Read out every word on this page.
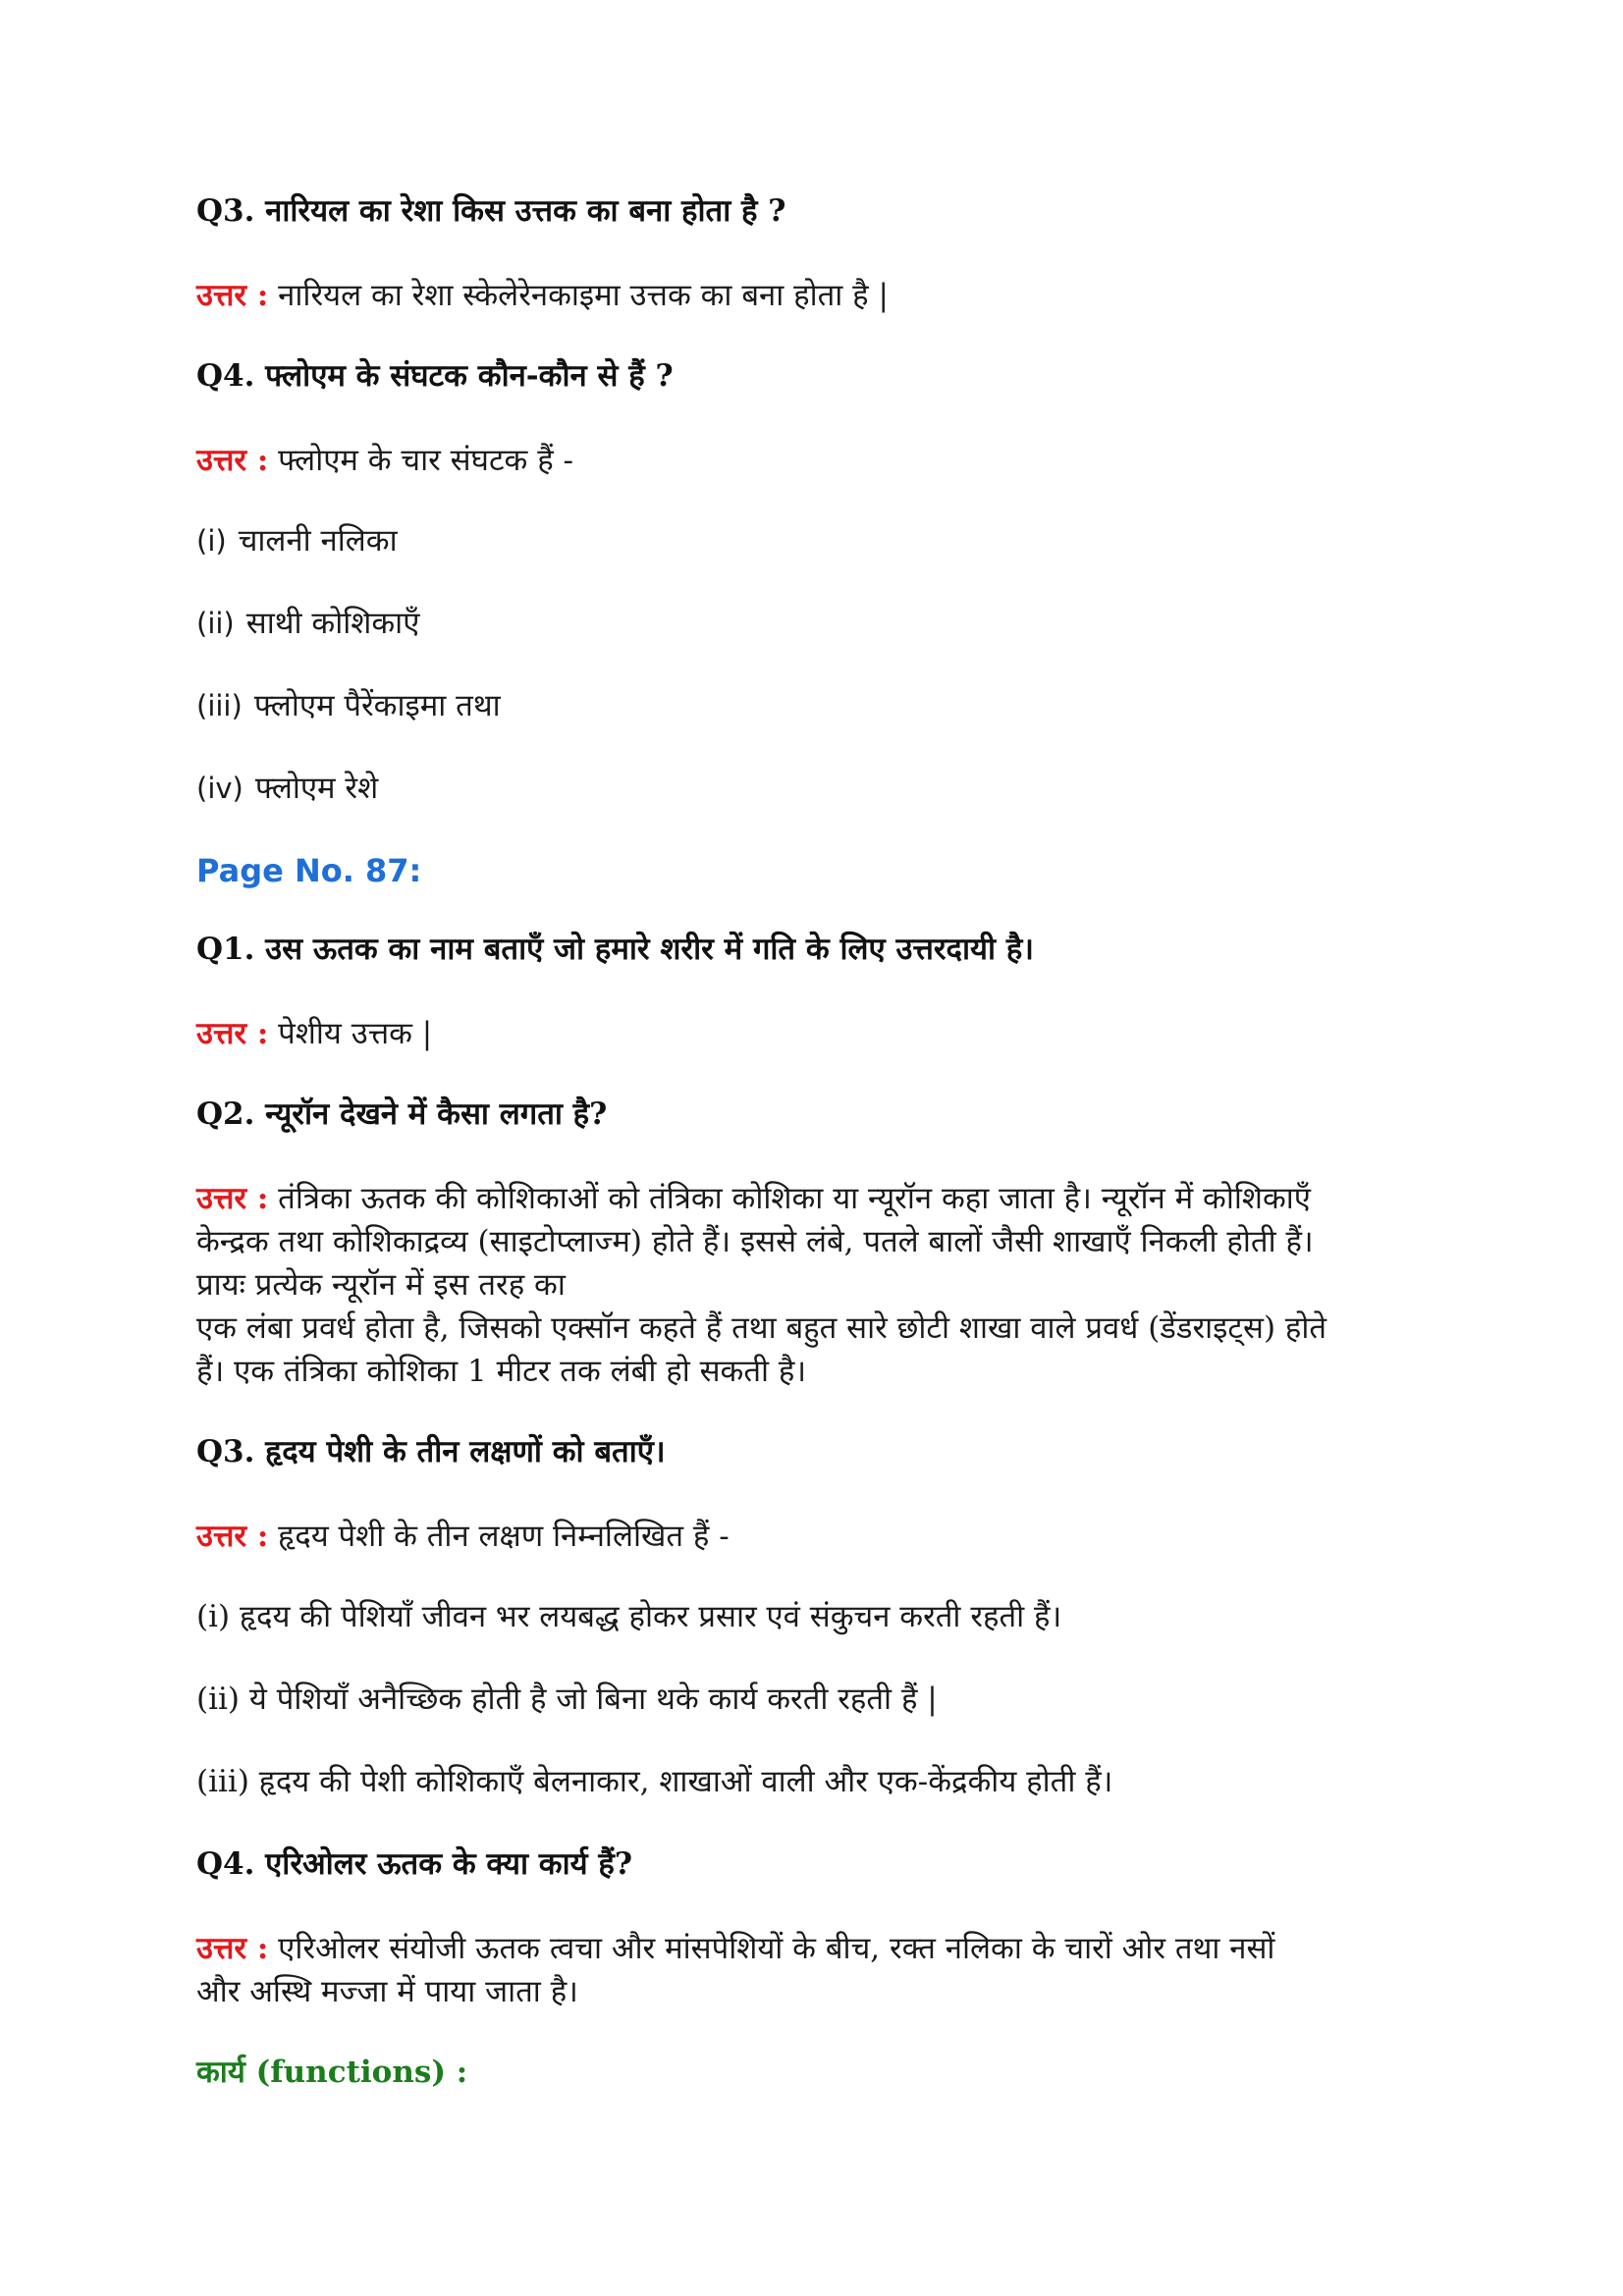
Q3. नारियल का रेशा किस उत्तक का बना होता है ?
उत्तर : नारियल का रेशा स्केलेरेनकाइमा उत्तक का बना होता है |
Q4. फ्लोएम के संघटक कौन-कौन से हैं ?
उत्तर : फ्लोएम के चार संघटक हैं -
(i) चालनी नलिका
(ii) साथी कोशिकाएँ
(iii) फ्लोएम पैरेंकाइमा तथा
(iv) फ्लोएम रेशे
Page No. 87:
Q1. उस ऊतक का नाम बताएँ जो हमारे शरीर में गति के लिए उत्तरदायी है।
उत्तर : पेशीय उत्तक |
Q2. न्यूरॉन देखने में कैसा लगता है?
उत्तर : तंत्रिका ऊतक की कोशिकाओं को तंत्रिका कोशिका या न्यूरॉन कहा जाता है। न्यूरॉन में कोशिकाएँ
केन्द्रक तथा कोशिकाद्रव्य (साइटोप्लाज्म) होते हैं। इससे लंबे, पतले बालों जैसी शाखाएँ निकली होती हैं।
प्रायः प्रत्येक न्यूरॉन में इस तरह का
एक लंबा प्रवर्ध होता है, जिसको एक्सॉन कहते हैं तथा बहुत सारे छोटी शाखा वाले प्रवर्ध (डेंडराइट्स) होते
हैं। एक तंत्रिका कोशिका 1 मीटर तक लंबी हो सकती है।
Q3. हृदय पेशी के तीन लक्षणों को बताएँ।
उत्तर : हृदय पेशी के तीन लक्षण निम्नलिखित हैं -
(i) हृदय की पेशियाँ जीवन भर लयबद्ध होकर प्रसार एवं संकुचन करती रहती हैं।
(ii) ये पेशियाँ अनैच्छिक होती है जो बिना थके कार्य करती रहती हैं |
(iii) हृदय की पेशी कोशिकाएँ बेलनाकार, शाखाओं वाली और एक-केंद्रकीय होती हैं।
Q4. एरिओलर ऊतक के क्या कार्य हैं?
उत्तर : एरिओलर संयोजी ऊतक त्वचा और मांसपेशियों के बीच, रक्त नलिका के चारों ओर तथा नसों
और अस्थि मज्जा में पाया जाता है।
कार्य (functions) :
